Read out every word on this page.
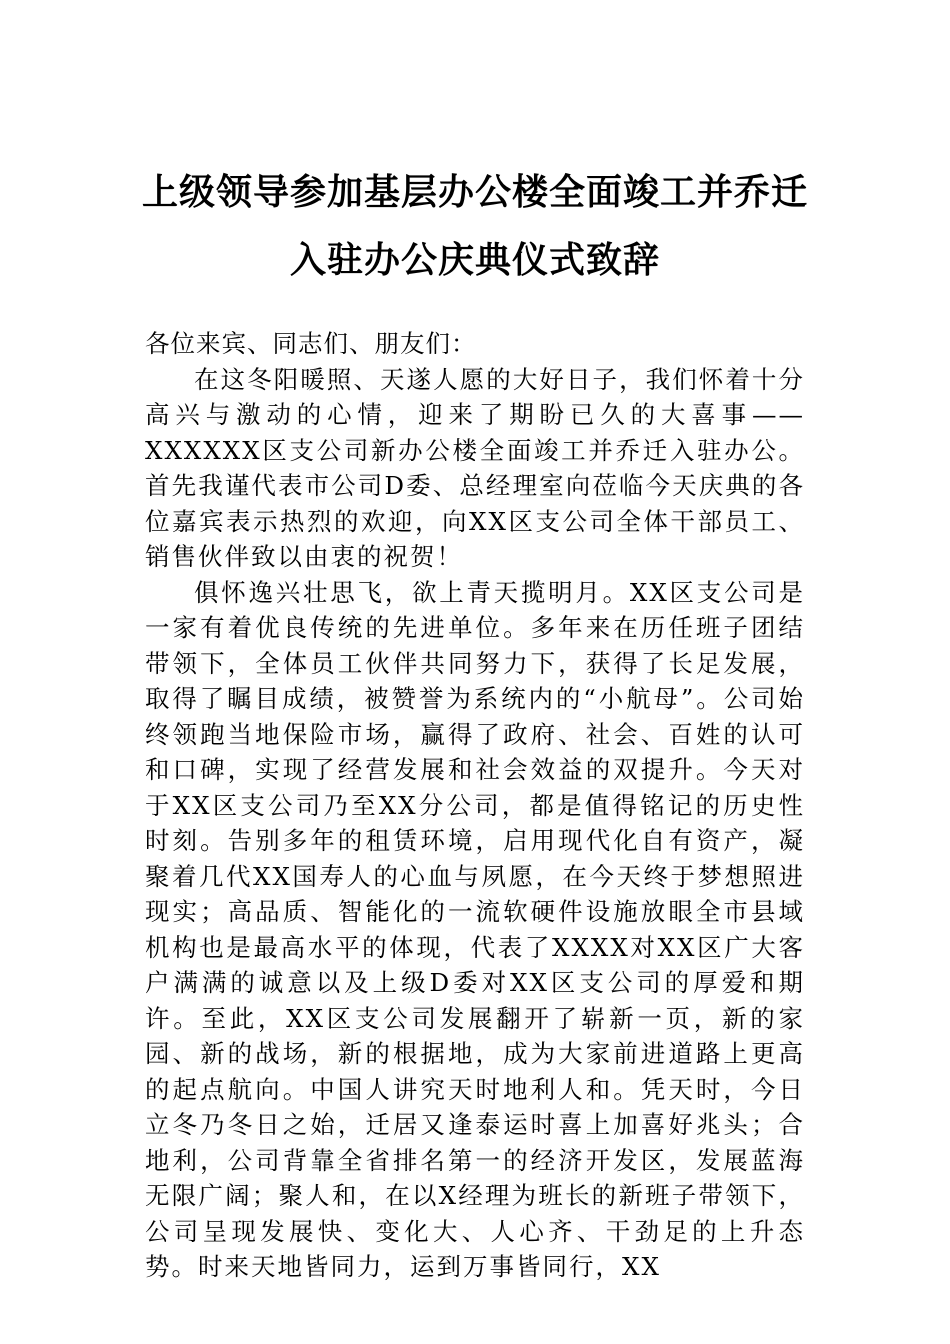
上级领导参加基层办公楼全面竣工并乔迁
入驻办公庆典仪式致辞

各位来宾、同志们、朋友们：

在这冬阳暖照、天遂人愿的大好日子，我们怀着十分高兴与激动的心情，迎来了期盼已久的大喜事——XXXXXX区支公司新办公楼全面竣工并乔迁入驻办公。首先我谨代表市公司D委、总经理室向莅临今天庆典的各位嘉宾表示热烈的欢迎，向XX区支公司全体干部员工、销售伙伴致以由衷的祝贺！

俱怀逸兴壮思飞，欲上青天揽明月。XX区支公司是一家有着优良传统的先进单位。多年来在历任班子团结带领下，全体员工伙伴共同努力下，获得了长足发展，取得了瞩目成绩，被赞誉为系统内的“小航母”。公司始终领跑当地保险市场，赢得了政府、社会、百姓的认可和口碑，实现了经营发展和社会效益的双提升。今天对于XX区支公司乃至XX分公司，都是值得铭记的历史性时刻。告别多年的租赁环境，启用现代化自有资产，凝聚着几代XX国寿人的心血与夙愿，在今天终于梦想照进现实；高品质、智能化的一流软硬件设施放眼全市县域机构也是最高水平的体现，代表了XXXX对XX区广大客户满满的诚意以及上级D委对XX区支公司的厚爱和期许。至此，XX区支公司发展翻开了崭新一页，新的家园、新的战场，新的根据地，成为大家前进道路上更高的起点航向。中国人讲究天时地利人和。凭天时，今日立冬乃冬日之始，迁居又逢泰运时喜上加喜好兆头；合地利，公司背靠全省排名第一的经济开发区，发展蓝海无限广阔；聚人和，在以X经理为班长的新班子带领下，公司呈现发展快、变化大、人心齐、干劲足的上升态势。时来天地皆同力，运到万事皆同行，XX
